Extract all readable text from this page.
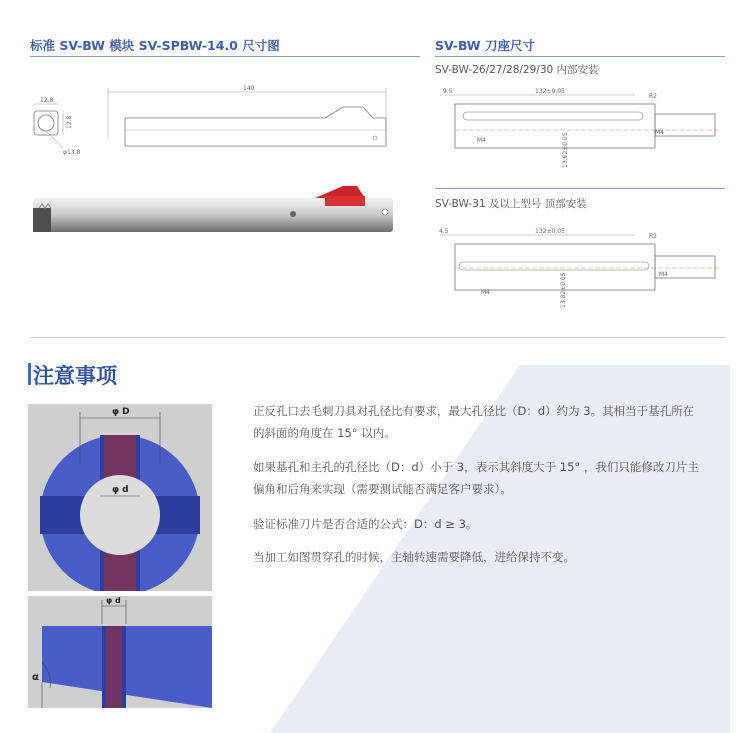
标准 SV-BW 模块 SV-SPBW-14.0 尺寸图
12.8
12.8
φ13.8
140
SV-BW 刀座尺寸
SV-BW-26/27/28/29/30 内部安装
9.5	132±0.05
R2
M4
M4	13.62±0.05
SV-BW-31 及以上型号 顶部安装
4.5	132±0.05
R2
M4
M4	13.82±0.05
注意事项
φ D
φ d
φ d
α

正反孔口去毛刺刀具对孔径比有要求，最大孔径比（D：d）约为 3。其相当于基孔所在的斜面的角度在 15° 以内。

如果基孔和主孔的孔径比（D：d）小于 3，表示其斜度大于 15° ，我们只能修改刀片主偏角和后角来实现（需要测试能否满足客户要求）。

验证标准刀片是否合适的公式：D：d ≥ 3。

当加工如图贯穿孔的时候，主轴转速需要降低，进给保持不变。
